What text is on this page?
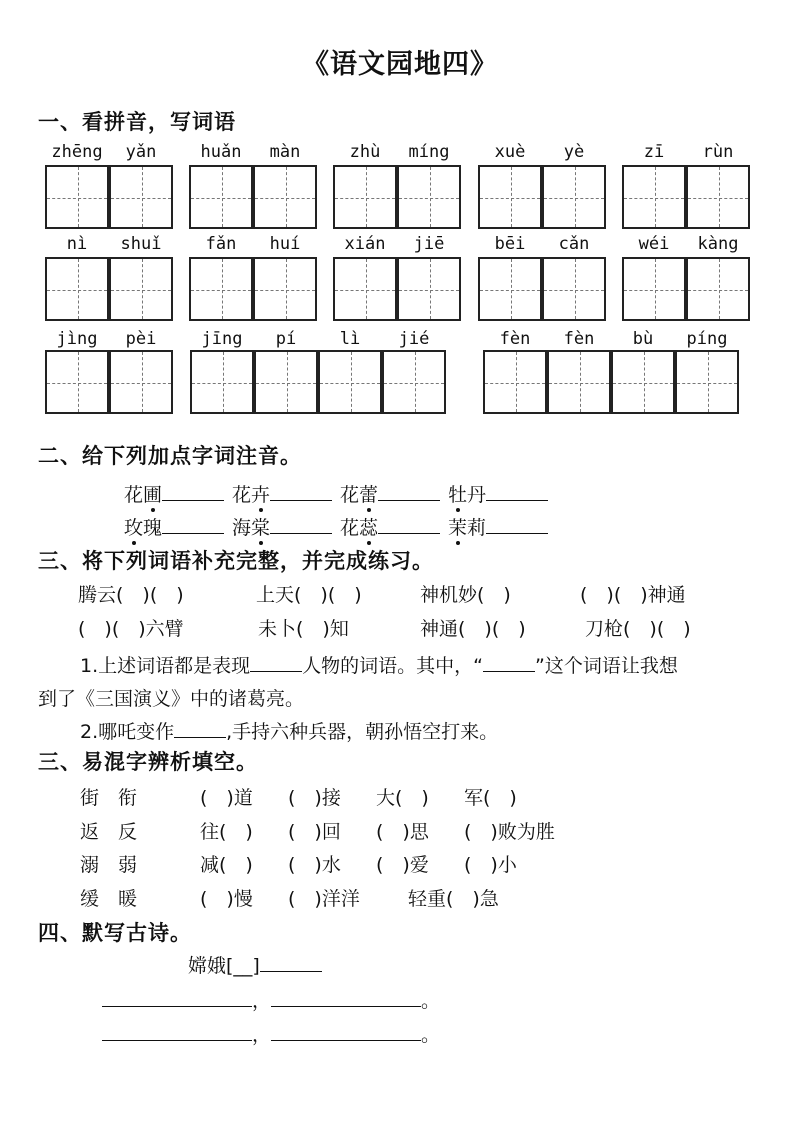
《语文园地四》
一、看拼音，写词语
zhēng	yǎn	huǎn	màn	zhù	míng	xuè	yè	zī	rùn
nì	shuǐ	fǎn	huí	xián	jiē	bēi	cǎn	wéi	kàng
jìng	pèi	jīng	pí	lì	jié	fèn	fèn	bù	píng
二、给下列加点字词注音。
花圃	花卉	花蕾	牡丹
玫瑰	海棠	花蕊	茉莉
三、将下列词语补充完整，并完成练习。
腾云(　)(　)	上天(　)(　)	神机妙(　)	(　)(　)神通
(　)(　)六臂	未卜(　)知	神通(　)(　)	刀枪(　)(　)
1.上述词语都是表现	人物的词语。其中，“	”这个词语让我想
到了《三国演义》中的诸葛亮。
2.哪吒变作	,手持六种兵器，朝孙悟空打来。
三、易混字辨析填空。
街　衔	(　)道 (　)接 大(　) 军(　)
返　反	往(　) (　)回 (　)思 (　)败为胜
溺　弱	减(　) (　)水 (　)爱 (　)小
缓　暖	(　)慢 (　)洋洋	轻重(　)急
四、默写古诗。
嫦娥[__]
，	。
，	。
